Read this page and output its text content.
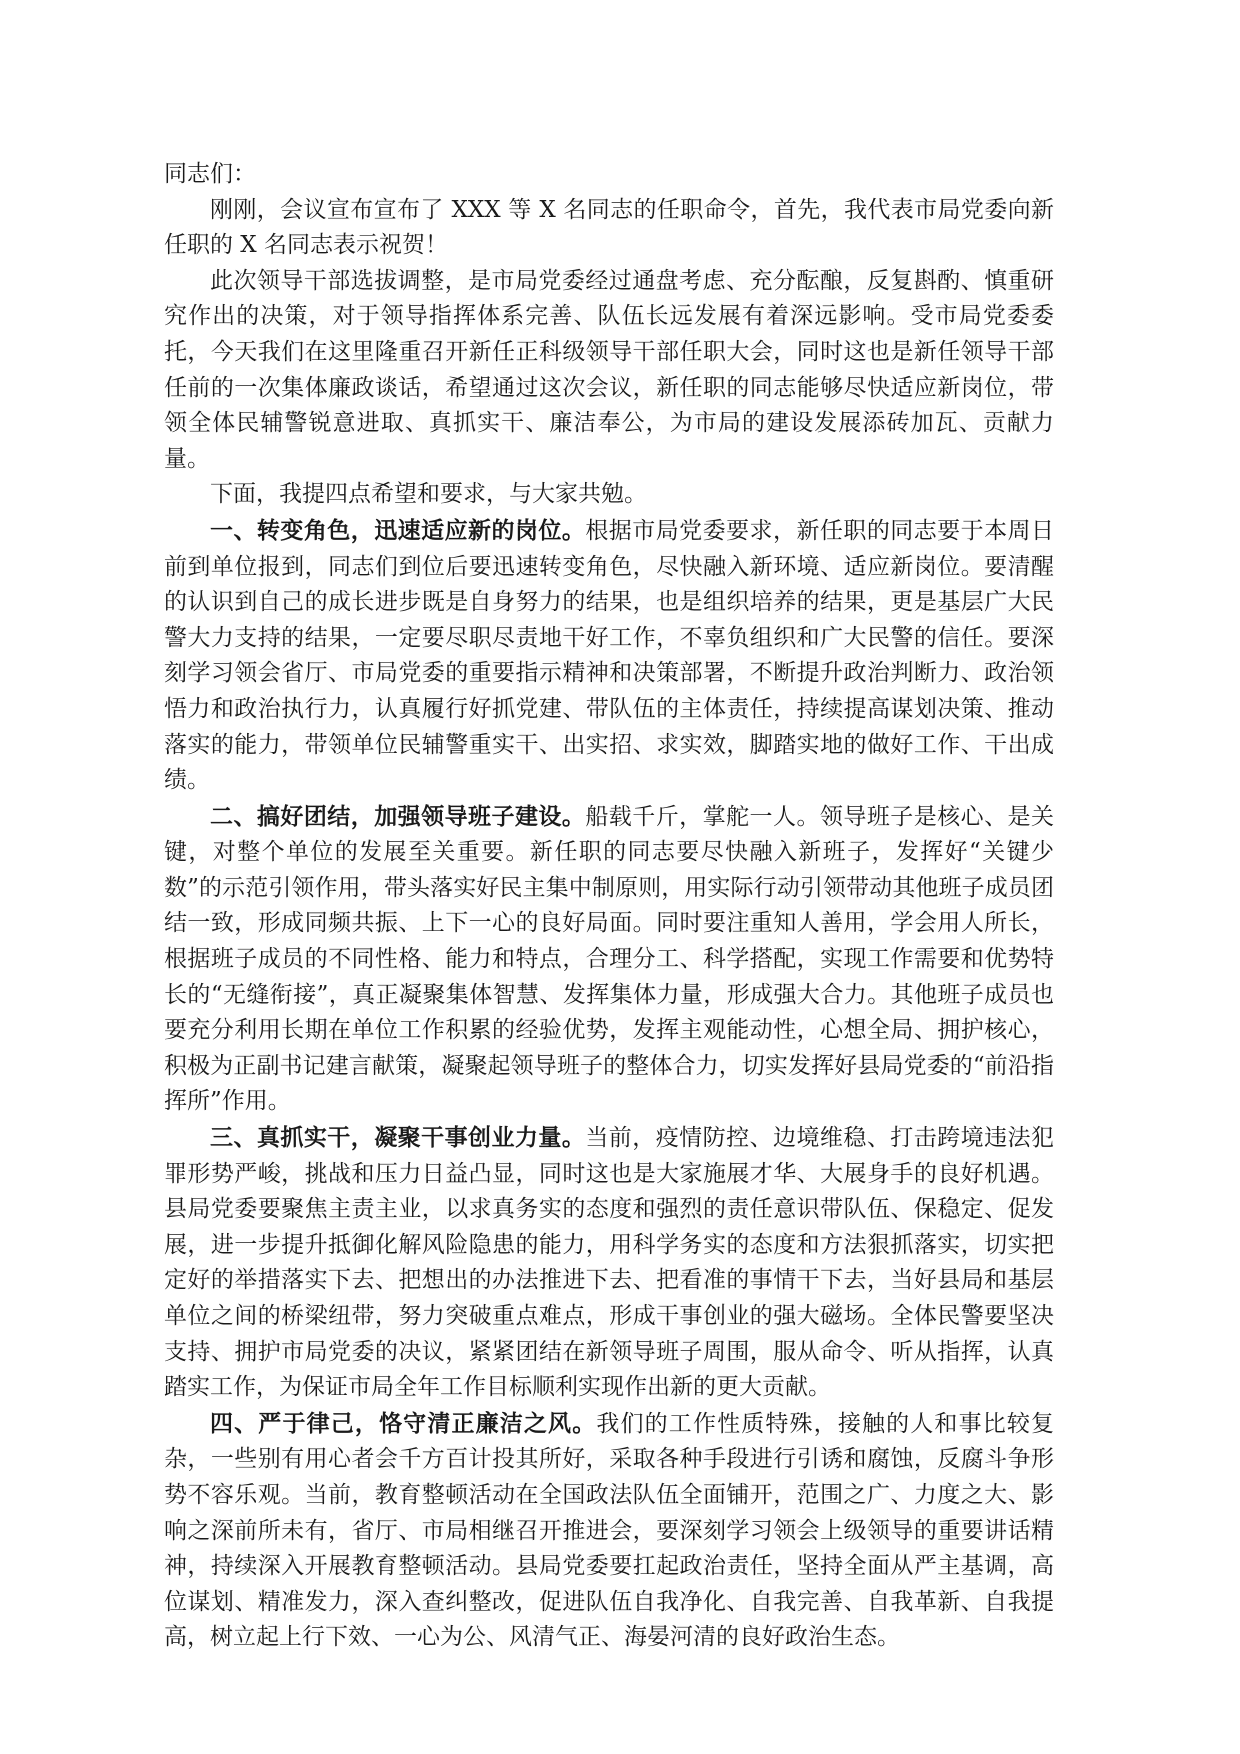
同志们：

刚刚，会议宣布宣布了 XXX 等 X 名同志的任职命令，首先，我代表市局党委向新任职的 X 名同志表示祝贺！

此次领导干部选拔调整，是市局党委经过通盘考虑、充分酝酿，反复斟酌、慎重研究作出的决策，对于领导指挥体系完善、队伍长远发展有着深远影响。受市局党委委托，今天我们在这里隆重召开新任正科级领导干部任职大会，同时这也是新任领导干部任前的一次集体廉政谈话，希望通过这次会议，新任职的同志能够尽快适应新岗位，带领全体民辅警锐意进取、真抓实干、廉洁奉公，为市局的建设发展添砖加瓦、贡献力量。

下面，我提四点希望和要求，与大家共勉。

一、转变角色，迅速适应新的岗位。根据市局党委要求，新任职的同志要于本周日前到单位报到，同志们到位后要迅速转变角色，尽快融入新环境、适应新岗位。要清醒的认识到自己的成长进步既是自身努力的结果，也是组织培养的结果，更是基层广大民警大力支持的结果，一定要尽职尽责地干好工作，不辜负组织和广大民警的信任。要深刻学习领会省厅、市局党委的重要指示精神和决策部署，不断提升政治判断力、政治领悟力和政治执行力，认真履行好抓党建、带队伍的主体责任，持续提高谋划决策、推动落实的能力，带领单位民辅警重实干、出实招、求实效，脚踏实地的做好工作、干出成绩。

二、搞好团结，加强领导班子建设。船载千斤，掌舵一人。领导班子是核心、是关键，对整个单位的发展至关重要。新任职的同志要尽快融入新班子，发挥好“关键少数”的示范引领作用，带头落实好民主集中制原则，用实际行动引领带动其他班子成员团结一致，形成同频共振、上下一心的良好局面。同时要注重知人善用，学会用人所长，根据班子成员的不同性格、能力和特点，合理分工、科学搭配，实现工作需要和优势特长的“无缝衔接”，真正凝聚集体智慧、发挥集体力量，形成强大合力。其他班子成员也要充分利用长期在单位工作积累的经验优势，发挥主观能动性，心想全局、拥护核心，积极为正副书记建言献策，凝聚起领导班子的整体合力，切实发挥好县局党委的“前沿指挥所”作用。

三、真抓实干，凝聚干事创业力量。当前，疫情防控、边境维稳、打击跨境违法犯罪形势严峻，挑战和压力日益凸显，同时这也是大家施展才华、大展身手的良好机遇。县局党委要聚焦主责主业，以求真务实的态度和强烈的责任意识带队伍、保稳定、促发展，进一步提升抵御化解风险隐患的能力，用科学务实的态度和方法狠抓落实，切实把定好的举措落实下去、把想出的办法推进下去、把看准的事情干下去，当好县局和基层单位之间的桥梁纽带，努力突破重点难点，形成干事创业的强大磁场。全体民警要坚决支持、拥护市局党委的决议，紧紧团结在新领导班子周围，服从命令、听从指挥，认真踏实工作，为保证市局全年工作目标顺利实现作出新的更大贡献。

四、严于律己，恪守清正廉洁之风。我们的工作性质特殊，接触的人和事比较复杂，一些别有用心者会千方百计投其所好，采取各种手段进行引诱和腐蚀，反腐斗争形势不容乐观。当前，教育整顿活动在全国政法队伍全面铺开，范围之广、力度之大、影响之深前所未有，省厅、市局相继召开推进会，要深刻学习领会上级领导的重要讲话精神，持续深入开展教育整顿活动。县局党委要扛起政治责任，坚持全面从严主基调，高位谋划、精准发力，深入查纠整改，促进队伍自我净化、自我完善、自我革新、自我提高，树立起上行下效、一心为公、风清气正、海晏河清的良好政治生态。
